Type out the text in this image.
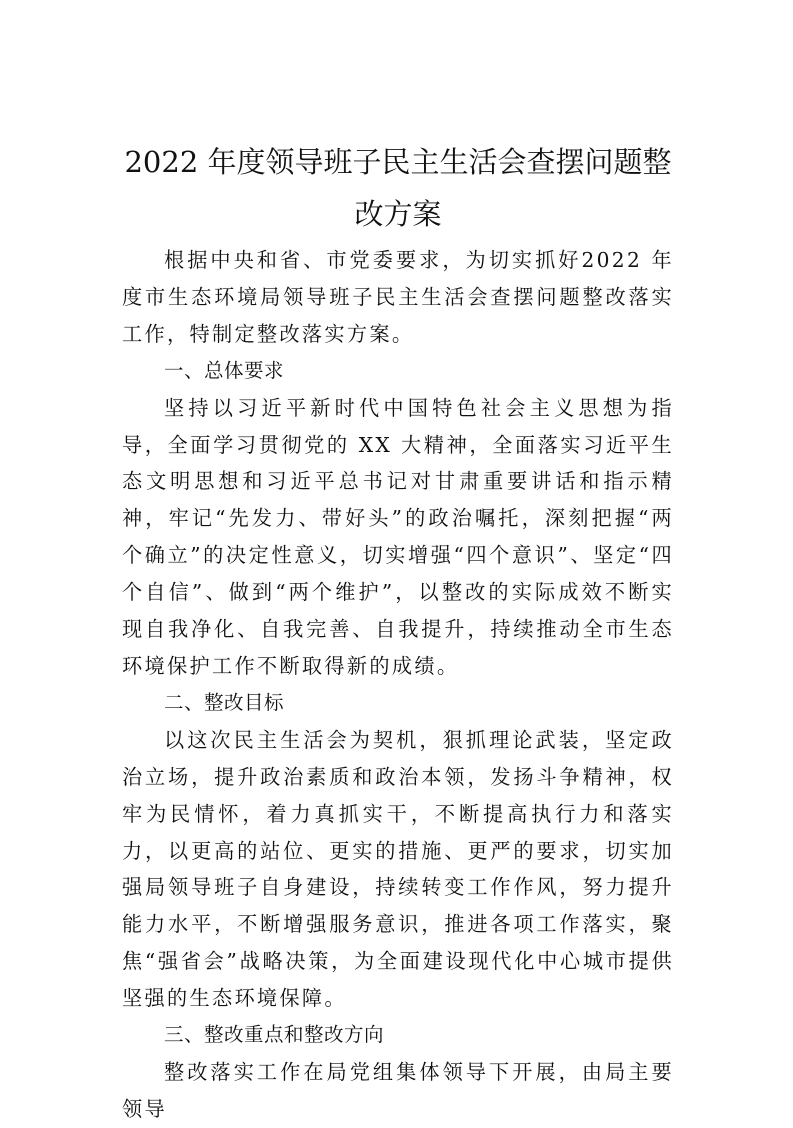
2022 年度领导班子民主生活会查摆问题整
改方案

根据中央和省、市党委要求，为切实抓好2022 年度市生态环境局领导班子民主生活会查摆问题整改落实工作，特制定整改落实方案。

一、总体要求

坚持以习近平新时代中国特色社会主义思想为指导，全面学习贯彻党的 XX 大精神，全面落实习近平生态文明思想和习近平总书记对甘肃重要讲话和指示精神，牢记“先发力、带好头”的政治嘱托，深刻把握“两个确立”的决定性意义，切实增强“四个意识”、坚定“四个自信”、做到“两个维护”，以整改的实际成效不断实现自我净化、自我完善、自我提升，持续推动全市生态环境保护工作不断取得新的成绩。

二、整改目标

以这次民主生活会为契机，狠抓理论武装，坚定政治立场，提升政治素质和政治本领，发扬斗争精神，权牢为民情怀，着力真抓实干，不断提高执行力和落实力，以更高的站位、更实的措施、更严的要求，切实加强局领导班子自身建设，持续转变工作作风，努力提升能力水平，不断增强服务意识，推进各项工作落实，聚焦“强省会”战略决策，为全面建设现代化中心城市提供坚强的生态环境保障。

三、整改重点和整改方向

整改落实工作在局党组集体领导下开展，由局主要领导
